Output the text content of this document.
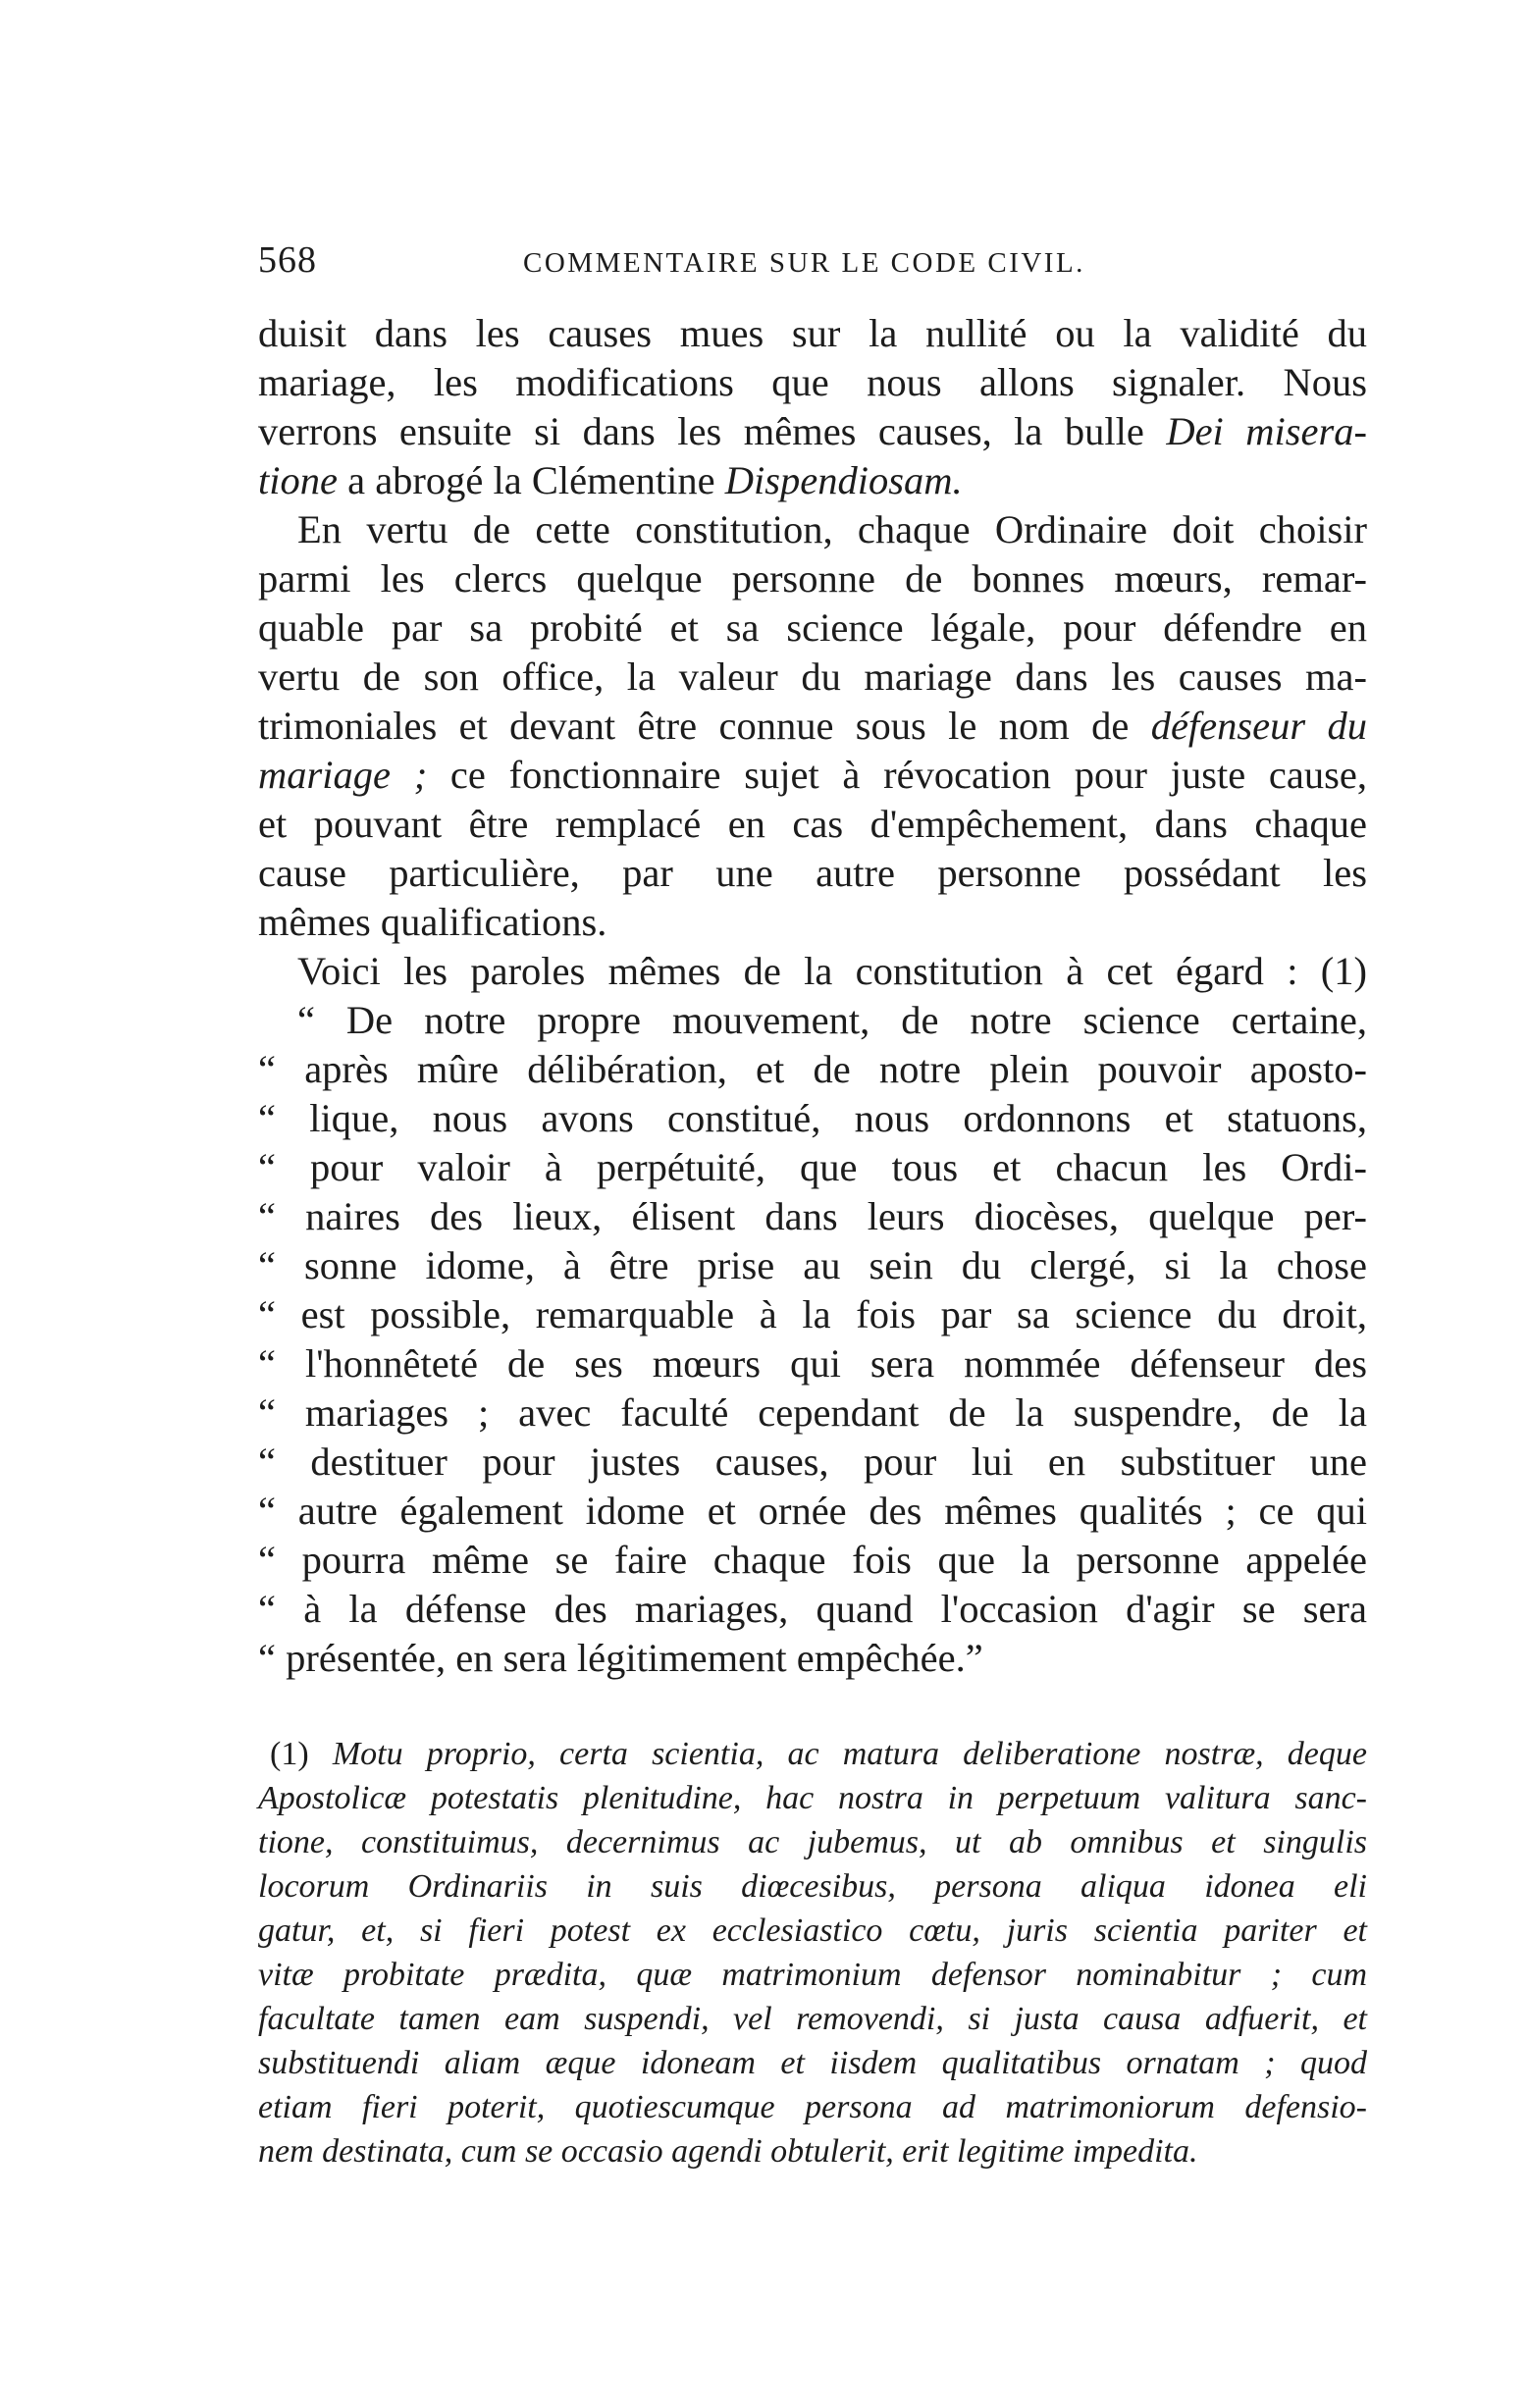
568	COMMENTAIRE SUR LE CODE CIVIL.
duisit dans les causes mues sur la nullité ou la validité du
mariage, les modifications que nous allons signaler. Nous
verrons ensuite si dans les mêmes causes, la bulle Dei misera-
tione a abrogé la Clémentine Dispendiosam.
En vertu de cette constitution, chaque Ordinaire doit choisir
parmi les clercs quelque personne de bonnes mœurs, remar-
quable par sa probité et sa science légale, pour défendre en
vertu de son office, la valeur du mariage dans les causes ma-
trimoniales et devant être connue sous le nom de défenseur du
mariage ; ce fonctionnaire sujet à révocation pour juste cause,
et pouvant être remplacé en cas d'empêchement, dans chaque
cause particulière, par une autre personne possédant les
mêmes qualifications.
Voici les paroles mêmes de la constitution à cet égard : (1)
“ De notre propre mouvement, de notre science certaine,
“ après mûre délibération, et de notre plein pouvoir aposto-
“ lique, nous avons constitué, nous ordonnons et statuons,
“ pour valoir à perpétuité, que tous et chacun les Ordi-
“ naires des lieux, élisent dans leurs diocèses, quelque per-
“ sonne idome, à être prise au sein du clergé, si la chose
“ est possible, remarquable à la fois par sa science du droit,
“ l'honnêteté de ses mœurs qui sera nommée défenseur des
“ mariages ; avec faculté cependant de la suspendre, de la
“ destituer pour justes causes, pour lui en substituer une
“ autre également idome et ornée des mêmes qualités ; ce qui
“ pourra même se faire chaque fois que la personne appelée
“ à la défense des mariages, quand l'occasion d'agir se sera
“ présentée, en sera légitimement empêchée.”
(1) Motu proprio, certa scientia, ac matura deliberatione nostræ, deque
Apostolicæ potestatis plenitudine, hac nostra in perpetuum valitura sanc-
tione, constituimus, decernimus ac jubemus, ut ab omnibus et singulis
locorum Ordinariis in suis diœcesibus, persona aliqua idonea eli
gatur, et, si fieri potest ex ecclesiastico cœtu, juris scientia pariter et
vitæ probitate prædita, quæ matrimonium defensor nominabitur ; cum
facultate tamen eam suspendi, vel removendi, si justa causa adfuerit, et
substituendi aliam æque idoneam et iisdem qualitatibus ornatam ; quod
etiam fieri poterit, quotiescumque persona ad matrimoniorum defensio-
nem destinata, cum se occasio agendi obtulerit, erit legitime impedita.
